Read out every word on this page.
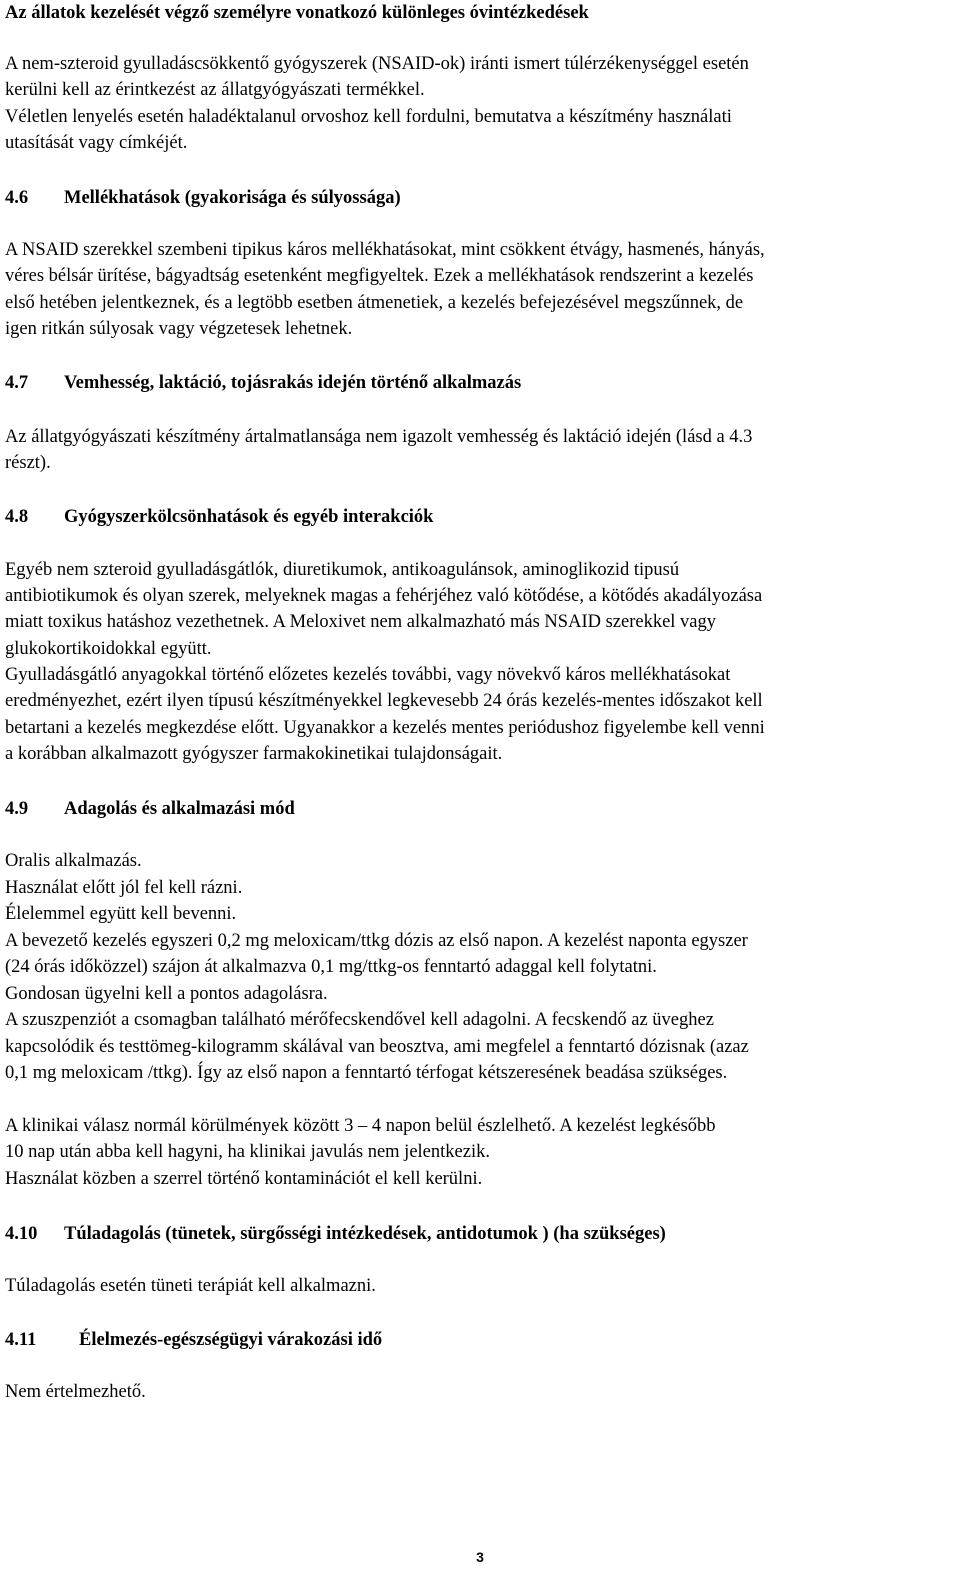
Az állatok kezelését végző személyre vonatkozó különleges óvintézkedések
A nem-szteroid gyulladáscsökkentő gyógyszerek (NSAID-ok) iránti ismert túlérzékenységgel esetén
kerülni kell az érintkezést az állatgyógyászati termékkel.
Véletlen lenyelés esetén haladéktalanul orvoshoz kell fordulni, bemutatva a készítmény használati
utasítását vagy címkéjét.
4.6 Mellékhatások (gyakorisága és súlyossága)
A NSAID szerekkel szembeni tipikus káros mellékhatásokat, mint csökkent étvágy, hasmenés, hányás,
véres bélsár ürítése, bágyadtság esetenként megfigyeltek. Ezek a mellékhatások rendszerint a kezelés
első hetében jelentkeznek, és a legtöbb esetben átmenetiek, a kezelés befejezésével megszűnnek, de
igen ritkán súlyosak vagy végzetesek lehetnek.
4.7 Vemhesség, laktáció, tojásrakás idején történő alkalmazás
Az állatgyógyászati készítmény ártalmatlansága nem igazolt vemhesség és laktáció idején (lásd a 4.3
részt).
4.8 Gyógyszerkölcsönhatások és egyéb interakciók
Egyéb nem szteroid gyulladásgátlók, diuretikumok, antikoagulánsok, aminoglikozid tipusú
antibiotikumok és olyan szerek, melyeknek magas a fehérjéhez való kötődése, a kötődés akadályozása
miatt toxikus hatáshoz vezethetnek. A Meloxivet nem alkalmazható más NSAID szerekkel vagy
glukokortikoidokkal együtt.
Gyulladásgátló anyagokkal történő előzetes kezelés további, vagy növekvő káros mellékhatásokat
eredményezhet, ezért ilyen típusú készítményekkel legkevesebb 24 órás kezelés-mentes időszakot kell
betartani a kezelés megkezdése előtt. Ugyanakkor a kezelés mentes periódushoz figyelembe kell venni
a korábban alkalmazott gyógyszer farmakokinetikai tulajdonságait.
4.9 Adagolás és alkalmazási mód
Oralis alkalmazás.
Használat előtt jól fel kell rázni.
Élelemmel együtt kell bevenni.
A bevezető kezelés egyszeri 0,2 mg meloxicam/ttkg dózis az első napon. A kezelést naponta egyszer
(24 órás időközzel) szájon át alkalmazva 0,1 mg/ttkg-os fenntartó adaggal kell folytatni.
Gondosan ügyelni kell a pontos adagolásra.
A szuszpenziót a csomagban található mérőfecskendővel kell adagolni. A fecskendő az üveghez
kapcsolódik és testtömeg-kilogramm skálával van beosztva, ami megfelel a fenntartó dózisnak (azaz
0,1 mg meloxicam /ttkg). Így az első napon a fenntartó térfogat kétszeresének beadása szükséges.
A klinikai válasz normál körülmények között 3 – 4 napon belül észlelhető. A kezelést legkésőbb
10 nap után abba kell hagyni, ha klinikai javulás nem jelentkezik.
Használat közben a szerrel történő kontaminációt el kell kerülni.
4.10 Túladagolás (tünetek, sürgősségi intézkedések, antidotumok ) (ha szükséges)
Túladagolás esetén tüneti terápiát kell alkalmazni.
4.11 Élelmezés-egészségügyi várakozási idő
Nem értelmezhető.
3
